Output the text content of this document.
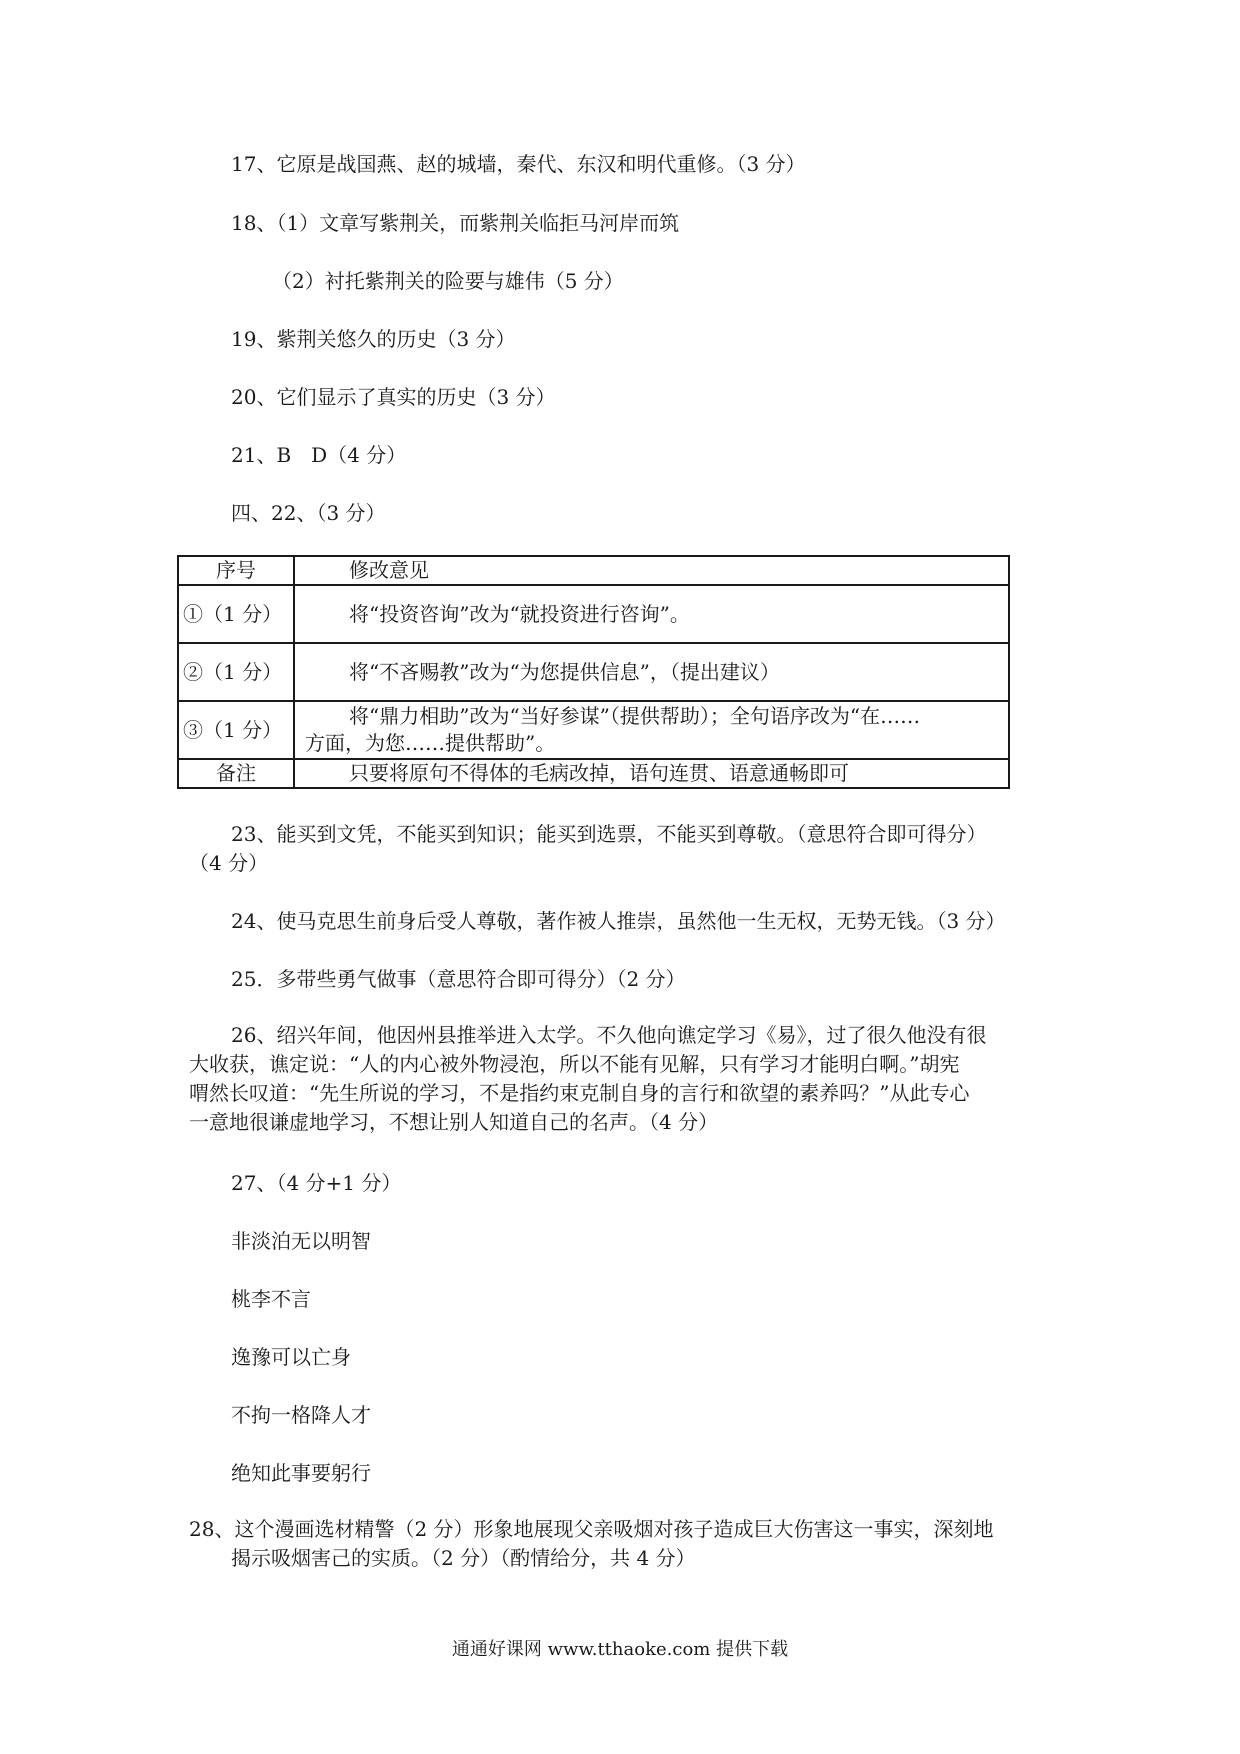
17、它原是战国燕、赵的城墙，秦代、东汉和明代重修。（3 分）
18、（1）文章写紫荆关，而紫荆关临拒马河岸而筑
（2）衬托紫荆关的险要与雄伟（5 分）
19、紫荆关悠久的历史（3 分）
20、它们显示了真实的历史（3 分）
21、B　D（4 分）
四、22、（3 分）
序号	修改意见
①（1 分）	将“投资咨询”改为“就投资进行咨询”。

②（1 分）	将“不吝赐教”改为“为您提供信息”，（提出建议）

③（1 分）	将“鼎力相助”改为“当好参谋”（提供帮助）；全句语序改为“在……
方面，为您……提供帮助”。

备注	只要将原句不得体的毛病改掉，语句连贯、语意通畅即可
23、能买到文凭，不能买到知识；能买到选票，不能买到尊敬。（意思符合即可得分）
（4 分）
24、使马克思生前身后受人尊敬，著作被人推崇，虽然他一生无权，无势无钱。（3 分）
25．多带些勇气做事（意思符合即可得分）（2 分）
26、绍兴年间，他因州县推举进入太学。不久他向谯定学习《易》，过了很久他没有很
大收获，谯定说：“人的内心被外物浸泡，所以不能有见解，只有学习才能明白啊。”胡宪
喟然长叹道：“先生所说的学习，不是指约束克制自身的言行和欲望的素养吗？”从此专心
一意地很谦虚地学习，不想让别人知道自己的名声。（4 分）
27、（4 分+1 分）
非淡泊无以明智
桃李不言
逸豫可以亡身
不拘一格降人才
绝知此事要躬行
28、这个漫画选材精警（2 分）形象地展现父亲吸烟对孩子造成巨大伤害这一事实，深刻地
揭示吸烟害己的实质。（2 分）（酌情给分，共 4 分）
通通好课网 www.tthaoke.com 提供下载
